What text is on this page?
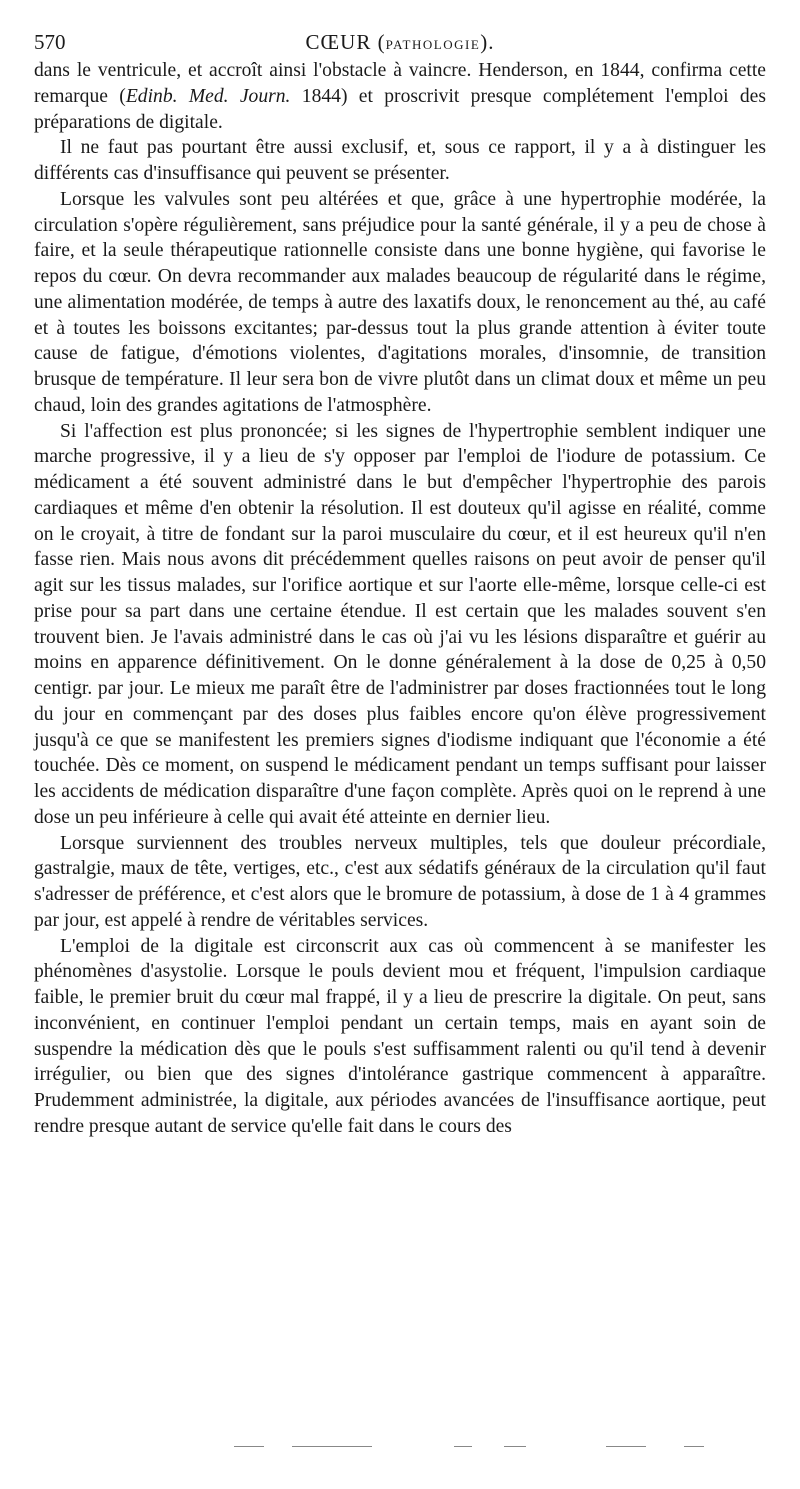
570	CŒUR (PATHOLOGIE).

dans le ventricule, et accroît ainsi l'obstacle à vaincre. Henderson, en 1844, confirma cette remarque (Edinb. Med. Journ. 1844) et proscrivit presque complétement l'emploi des préparations de digitale.

Il ne faut pas pourtant être aussi exclusif, et, sous ce rapport, il y a à distinguer les différents cas d'insuffisance qui peuvent se présenter.

Lorsque les valvules sont peu altérées et que, grâce à une hypertrophie modérée, la circulation s'opère régulièrement, sans préjudice pour la santé générale, il y a peu de chose à faire, et la seule thérapeutique rationnelle consiste dans une bonne hygiène, qui favorise le repos du cœur. On devra recommander aux malades beaucoup de régularité dans le régime, une alimentation modérée, de temps à autre des laxatifs doux, le renoncement au thé, au café et à toutes les boissons excitantes; par-dessus tout la plus grande attention à éviter toute cause de fatigue, d'émotions violentes, d'agitations morales, d'insomnie, de transition brusque de température. Il leur sera bon de vivre plutôt dans un climat doux et même un peu chaud, loin des grandes agitations de l'atmosphère.

Si l'affection est plus prononcée; si les signes de l'hypertrophie semblent indiquer une marche progressive, il y a lieu de s'y opposer par l'emploi de l'iodure de potassium. Ce médicament a été souvent administré dans le but d'empêcher l'hypertrophie des parois cardiaques et même d'en obtenir la résolution. Il est douteux qu'il agisse en réalité, comme on le croyait, à titre de fondant sur la paroi musculaire du cœur, et il est heureux qu'il n'en fasse rien. Mais nous avons dit précédemment quelles raisons on peut avoir de penser qu'il agit sur les tissus malades, sur l'orifice aortique et sur l'aorte elle-même, lorsque celle-ci est prise pour sa part dans une certaine étendue. Il est certain que les malades souvent s'en trouvent bien. Je l'avais administré dans le cas où j'ai vu les lésions disparaître et guérir au moins en apparence définitivement. On le donne généralement à la dose de 0,25 à 0,50 centigr. par jour. Le mieux me paraît être de l'administrer par doses fractionnées tout le long du jour en commençant par des doses plus faibles encore qu'on élève progressivement jusqu'à ce que se manifestent les premiers signes d'iodisme indiquant que l'économie a été touchée. Dès ce moment, on suspend le médicament pendant un temps suffisant pour laisser les accidents de médication disparaître d'une façon complète. Après quoi on le reprend à une dose un peu inférieure à celle qui avait été atteinte en dernier lieu.

Lorsque surviennent des troubles nerveux multiples, tels que douleur précordiale, gastralgie, maux de tête, vertiges, etc., c'est aux sédatifs généraux de la circulation qu'il faut s'adresser de préférence, et c'est alors que le bromure de potassium, à dose de 1 à 4 grammes par jour, est appelé à rendre de véritables services.

L'emploi de la digitale est circonscrit aux cas où commencent à se manifester les phénomènes d'asystolie. Lorsque le pouls devient mou et fréquent, l'impulsion cardiaque faible, le premier bruit du cœur mal frappé, il y a lieu de prescrire la digitale. On peut, sans inconvénient, en continuer l'emploi pendant un certain temps, mais en ayant soin de suspendre la médication dès que le pouls s'est suffisamment ralenti ou qu'il tend à devenir irrégulier, ou bien que des signes d'intolérance gastrique commencent à apparaître. Prudemment administrée, la digitale, aux périodes avancées de l'insuffisance aortique, peut rendre presque autant de service qu'elle fait dans le cours des
